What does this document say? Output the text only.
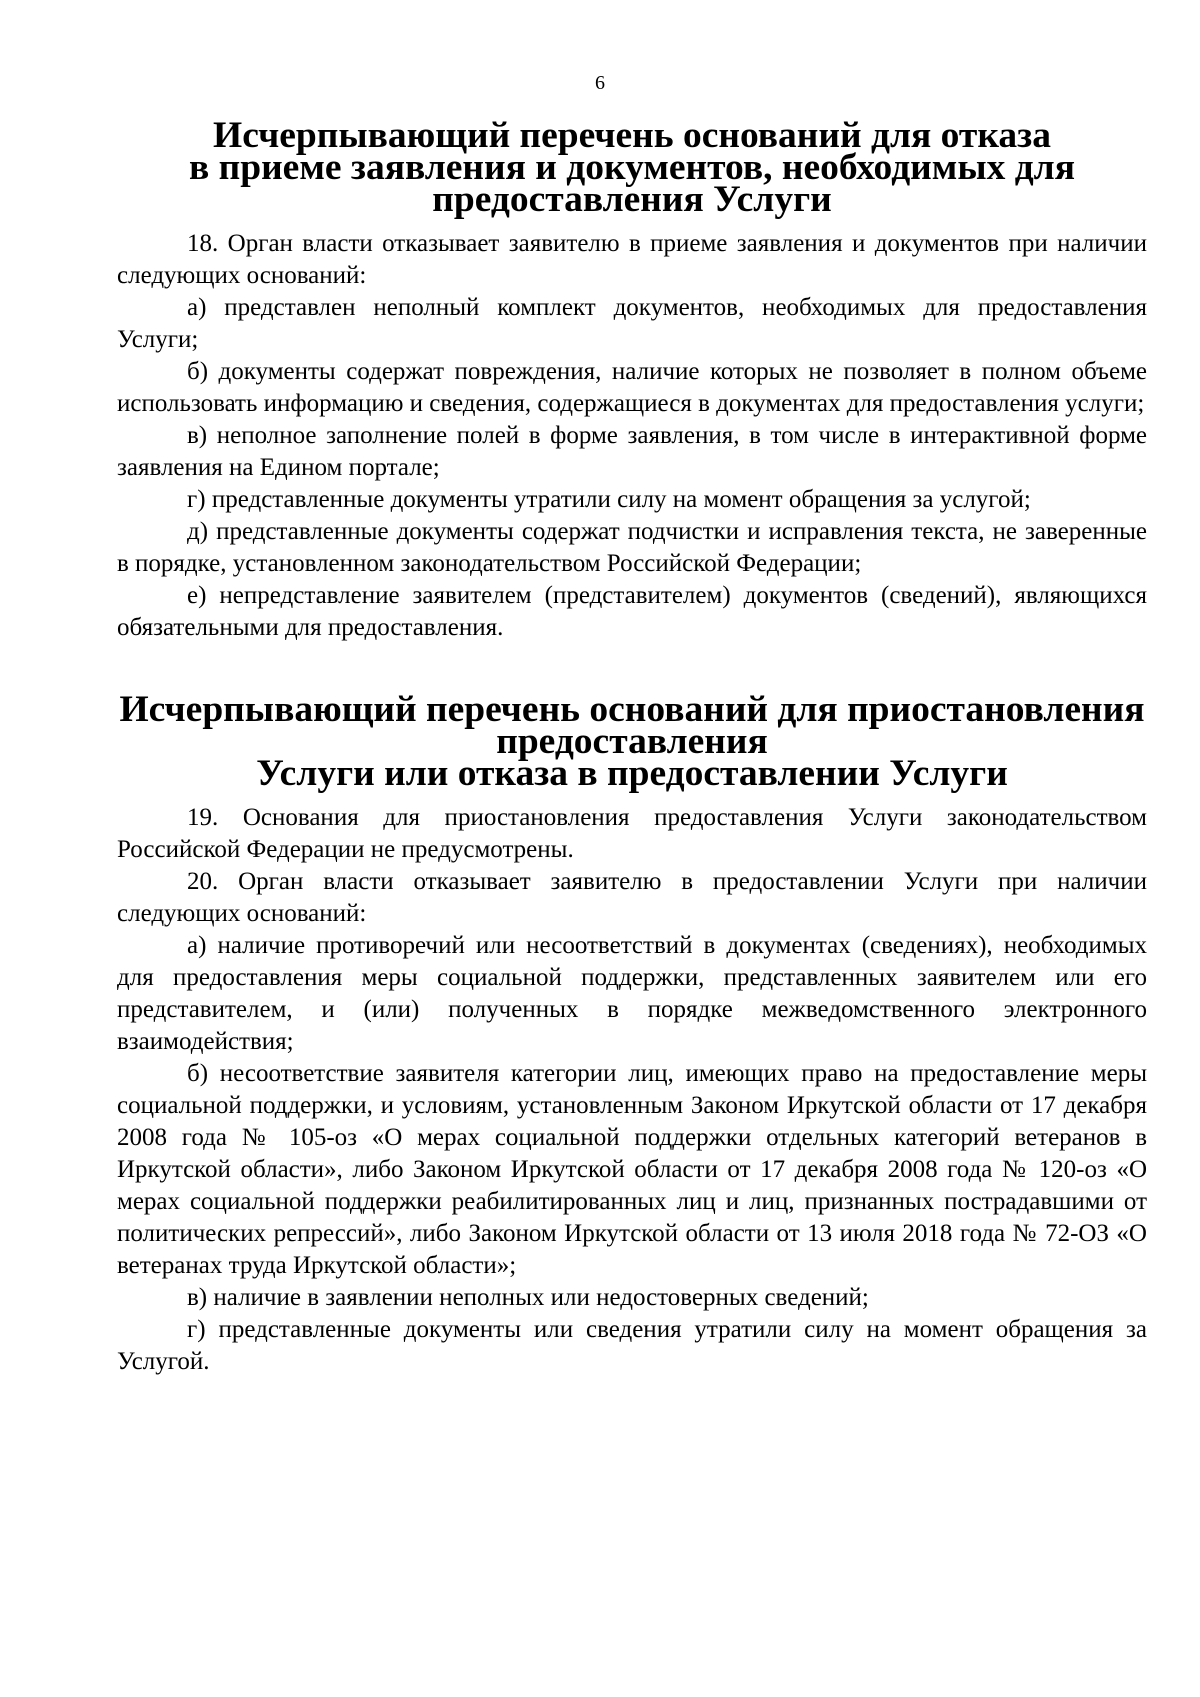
6
Исчерпывающий перечень оснований для отказа
в приеме заявления и документов, необходимых для предоставления Услуги

18. Орган власти отказывает заявителю в приеме заявления и документов при наличии следующих оснований:

а) представлен неполный комплект документов, необходимых для предоставления Услуги;

б) документы содержат повреждения, наличие которых не позволяет в полном объеме использовать информацию и сведения, содержащиеся в документах для предоставления услуги;

в) неполное заполнение полей в форме заявления, в том числе в интерактивной форме заявления на Едином портале;

г) представленные документы утратили силу на момент обращения за услугой;

д) представленные документы содержат подчистки и исправления текста, не заверенные в порядке, установленном законодательством Российской Федерации;

е) непредставление заявителем (представителем) документов (сведений), являющихся обязательными для предоставления.

Исчерпывающий перечень оснований для приостановления предоставления
Услуги или отказа в предоставлении Услуги

19. Основания для приостановления предоставления Услуги законодательством Российской Федерации не предусмотрены.

20. Орган власти отказывает заявителю в предоставлении Услуги при наличии следующих оснований:

а) наличие противоречий или несоответствий в документах (сведениях), необходимых для предоставления меры социальной поддержки, представленных заявителем или его представителем, и (или) полученных в порядке межведомственного электронного взаимодействия;

б) несоответствие заявителя категории лиц, имеющих право на предоставление меры социальной поддержки, и условиям, установленным Законом Иркутской области от 17 декабря 2008 года № 105-оз «О мерах социальной поддержки отдельных категорий ветеранов в Иркутской области», либо Законом Иркутской области от 17 декабря 2008 года № 120-оз «О мерах социальной поддержки реабилитированных лиц и лиц, признанных пострадавшими от политических репрессий», либо Законом Иркутской области от 13 июля 2018 года № 72-ОЗ «О ветеранах труда Иркутской области»;

в) наличие в заявлении неполных или недостоверных сведений;

г) представленные документы или сведения утратили силу на момент обращения за Услугой.
